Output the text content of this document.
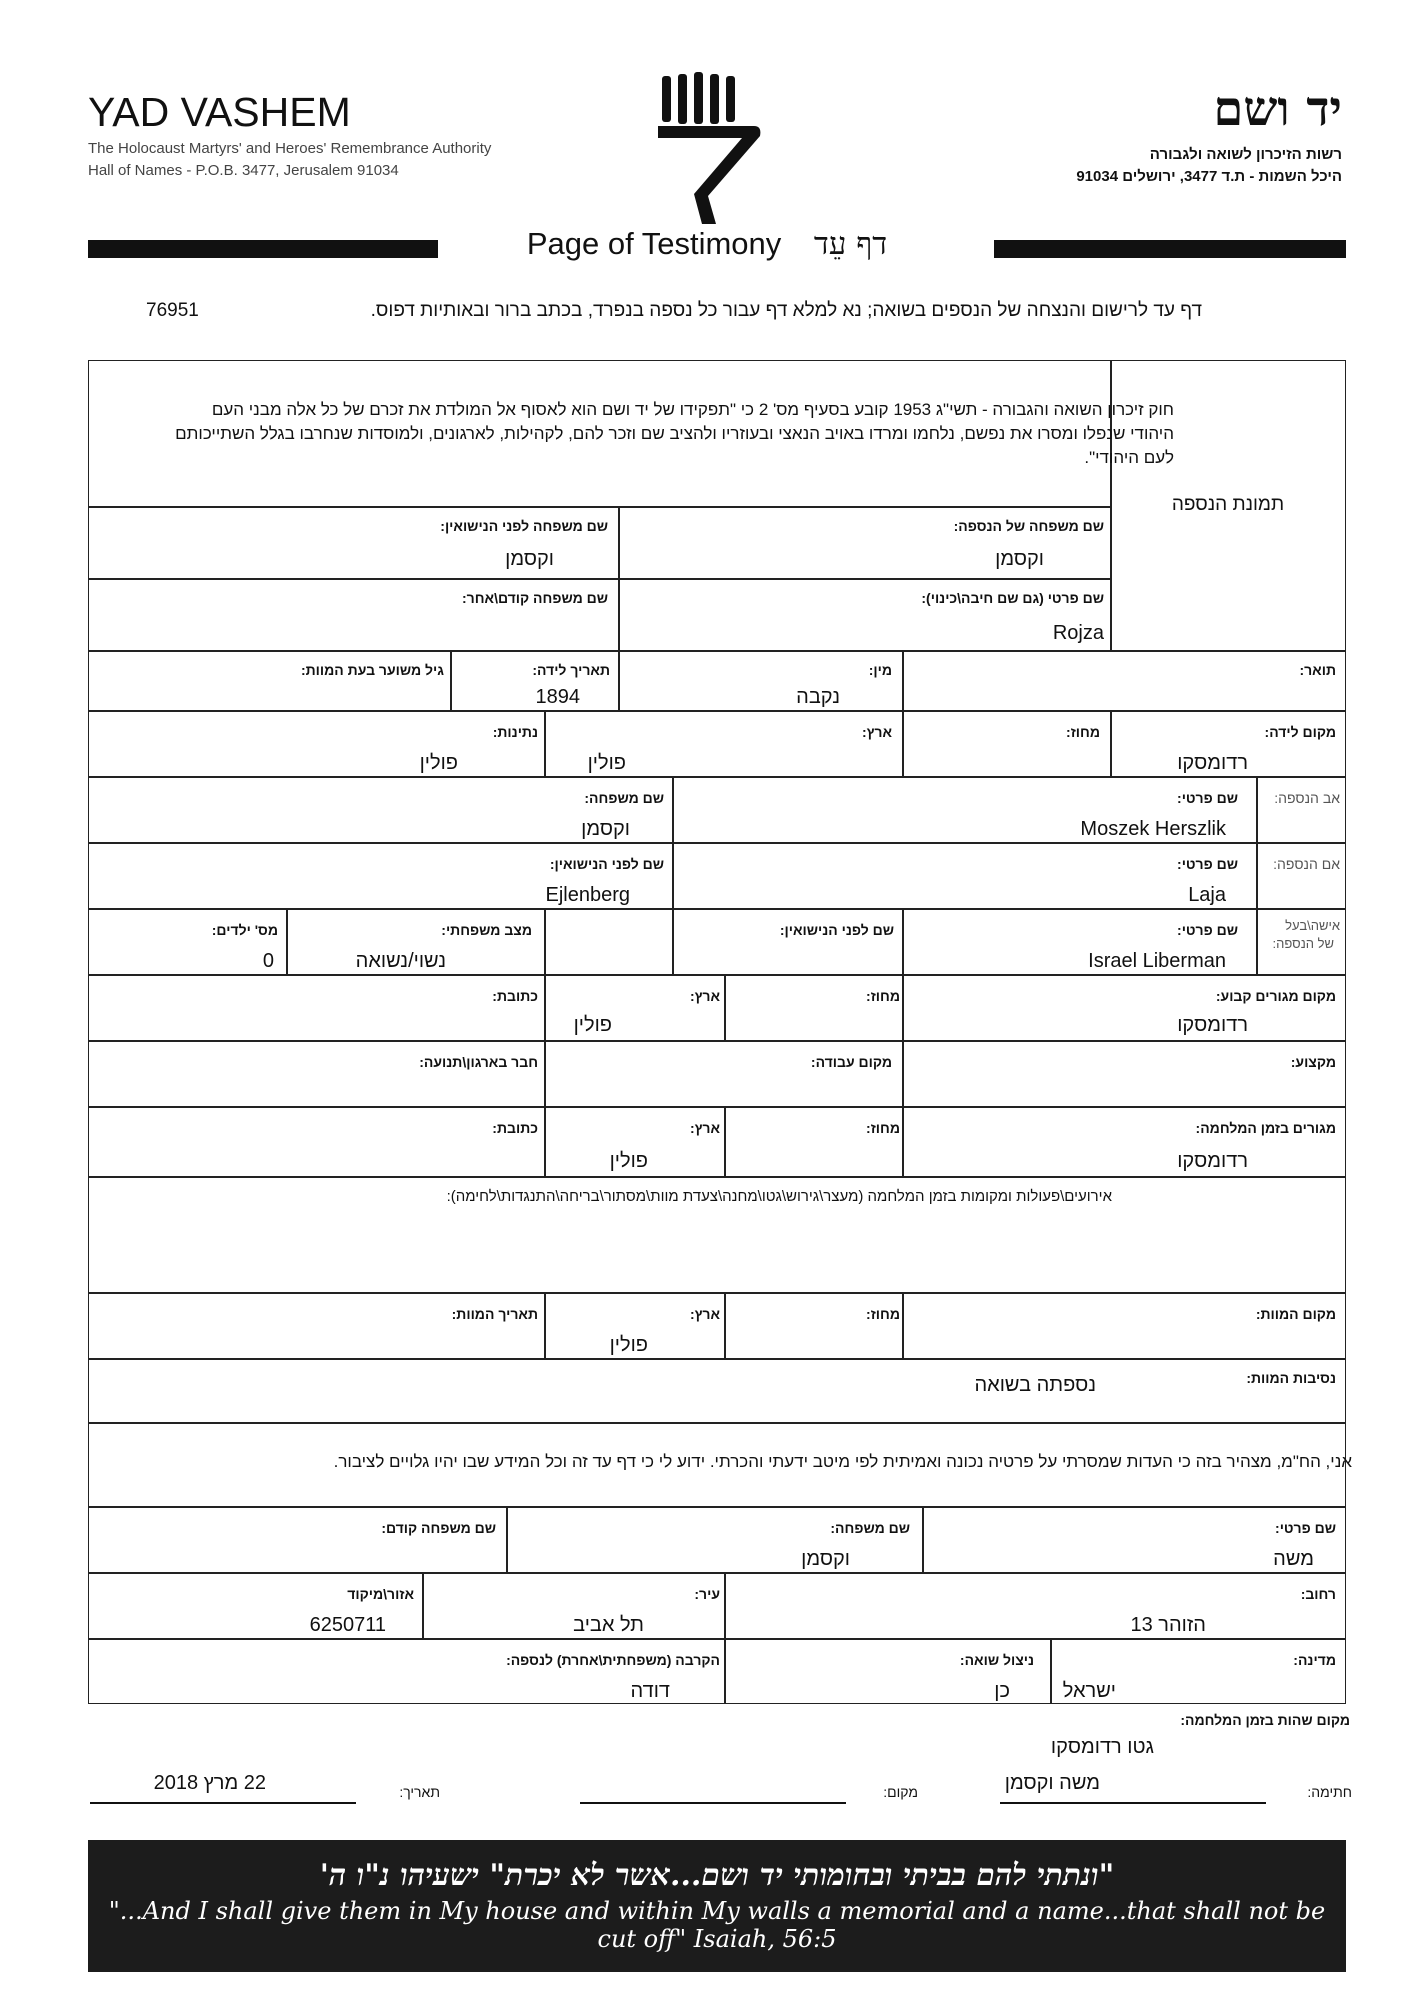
YAD VASHEM
The Holocaust Martyrs' and Heroes' Remembrance Authority
Hall of Names - P.O.B. 3477, Jerusalem 91034
יד ושם
רשות הזיכרון לשואה ולגבורה
היכל השמות - ת.ד 3477, ירושלים 91034
Page of Testimony דף עֵד
דף עד לרישום והנצחה של הנספים בשואה; נא למלא דף עבור כל נספה בנפרד, בכתב ברור ובאותיות דפוס.
76951
חוק זיכרון השואה והגבורה - תשי"ג 1953 קובע בסעיף מס' 2 כי "תפקידו של יד ושם הוא לאסוף אל המולדת את זכרם של כל אלה מבני העם היהודי שנפלו ומסרו את נפשם, נלחמו ומרדו באויב הנאצי ובעוזריו ולהציב שם וזכר להם, לקהילות, לארגונים, ולמוסדות שנחרבו בגלל השתייכותם לעם היהודי".
תמונת הנספה
שם משפחה של הנספה:
וקסמן
שם משפחה לפני הנישואין:
וקסמן
שם פרטי (גם שם חיבה\כינוי):
Rojza
שם משפחה קודם\אחר:
תואר:
מין:
נקבה
תאריך לידה:
1894
גיל משוער בעת המוות:
מקום לידה:
רדומסקו
מחוז:
ארץ:
פולין
נתינות:
פולין
אב הנספה:
שם פרטי:
Moszek Herszlik
שם משפחה:
וקסמן
אם הנספה:
שם פרטי:
Laja
שם לפני הנישואין:
Ejlenberg
אישה\בעל
של הנספה:
שם פרטי:
Israel Liberman
שם לפני הנישואין:
מצב משפחתי:
נשוי/נשואה
מס' ילדים:
0
מקום מגורים קבוע:
רדומסקו
מחוז:
ארץ:
פולין
כתובת:
מקצוע:
מקום עבודה:
חבר בארגון\תנועה:
מגורים בזמן המלחמה:
רדומסקו
מחוז:
ארץ:
פולין
כתובת:
אירועים\פעולות ומקומות בזמן המלחמה (מעצר\גירוש\גטו\מחנה\צעדת מוות\מסתור\בריחה\התנגדות\לחימה):
מקום המוות:
מחוז:
ארץ:
פולין
תאריך המוות:
נסיבות המוות:
נספתה בשואה
אני, הח"מ, מצהיר בזה כי העדות שמסרתי על פרטיה נכונה ואמיתית לפי מיטב ידעתי והכרתי. ידוע לי כי דף עד זה וכל המידע שבו יהיו גלויים לציבור.
שם פרטי:
משה
שם משפחה:
וקסמן
שם משפחה קודם:
רחוב:
הזוהר 13
עיר:
תל אביב
אזור\מיקוד
6250711
מדינה:
ישראל
ניצול שואה:
כן
הקרבה (משפחתית\אחרת) לנספה:
דודה
מקום שהות בזמן המלחמה:
גטו רדומסקו
חתימה:
משה וקסמן
מקום:
תאריך:
22 מרץ 2018
"ונתתי להם בביתי ובחומותי יד ושם...אשר לא יכרת" ישעיהו נ"ו ה'
"...And I shall give them in My house and within My walls a memorial and a name...that shall not be cut off" Isaiah, 56:5
